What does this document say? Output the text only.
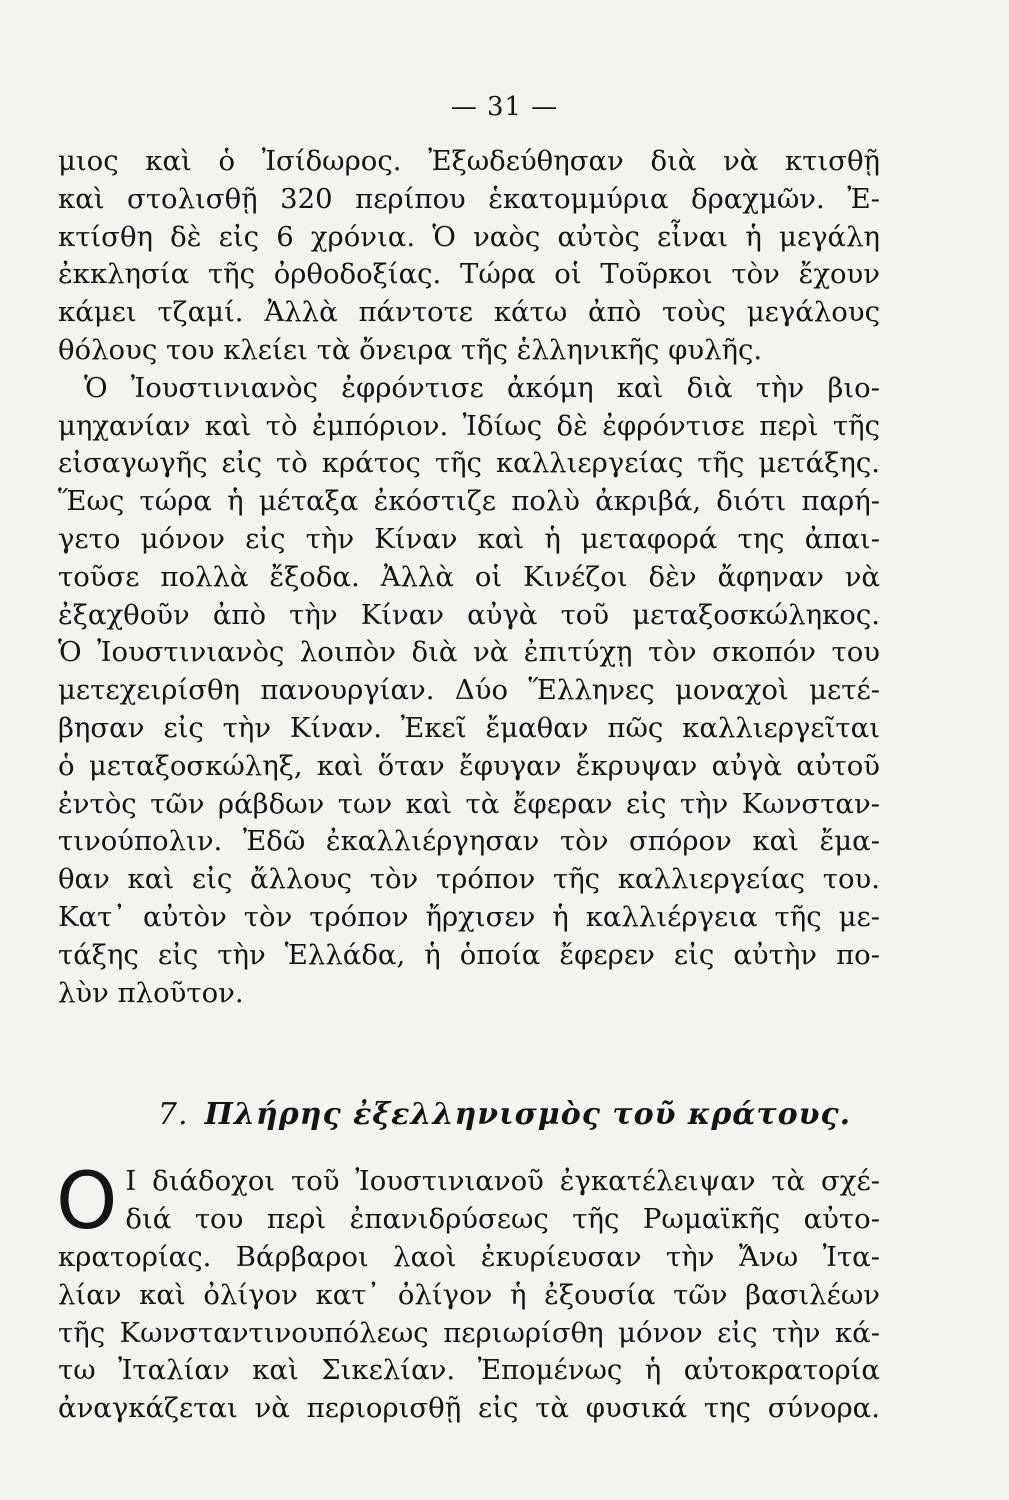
— 31 —
μιος καὶ ὁ Ἰσίδωρος. Ἐξωδεύθησαν διὰ νὰ κτισθῇ
καὶ στολισθῇ 320 περίπου ἑκατομμύρια δραχμῶν. Ἐ-
κτίσθη δὲ εἰς 6 χρόνια. Ὁ ναὸς αὐτὸς εἶναι ἡ μεγάλη
ἐκκλησία τῆς ὀρθοδοξίας. Τώρα οἱ Τοῦρκοι τὸν ἔχουν
κάμει τζαμί. Ἀλλὰ πάντοτε κάτω ἀπὸ τοὺς μεγάλους
θόλους του κλείει τὰ ὄνειρα τῆς ἑλληνικῆς φυλῆς.
Ὁ Ἰουστινιανὸς ἐφρόντισε ἀκόμη καὶ διὰ τὴν βιο-
μηχανίαν καὶ τὸ ἐμπόριον. Ἰδίως δὲ ἐφρόντισε περὶ τῆς
εἰσαγωγῆς εἰς τὸ κράτος τῆς καλλιεργείας τῆς μετάξης.
Ἕως τώρα ἡ μέταξα ἐκόστιζε πολὺ ἀκριβά, διότι παρή-
γετο μόνον εἰς τὴν Κίναν καὶ ἡ μεταφορά της ἀπαι-
τοῦσε πολλὰ ἔξοδα. Ἀλλὰ οἱ Κινέζοι δὲν ἄφηναν νὰ
ἐξαχθοῦν ἀπὸ τὴν Κίναν αὐγὰ τοῦ μεταξοσκώληκος.
Ὁ Ἰουστινιανὸς λοιπὸν διὰ νὰ ἐπιτύχῃ τὸν σκοπόν του
μετεχειρίσθη πανουργίαν. Δύο Ἕλληνες μοναχοὶ μετέ-
βησαν εἰς τὴν Κίναν. Ἐκεῖ ἔμαθαν πῶς καλλιεργεῖται
ὁ μεταξοσκώληξ, καὶ ὅταν ἔφυγαν ἔκρυψαν αὐγὰ αὐτοῦ
ἐντὸς τῶν ράβδων των καὶ τὰ ἔφεραν εἰς τὴν Κωνσταν-
τινούπολιν. Ἐδῶ ἐκαλλιέργησαν τὸν σπόρον καὶ ἔμα-
θαν καὶ εἰς ἄλλους τὸν τρόπον τῆς καλλιεργείας του.
Κατ᾿ αὐτὸν τὸν τρόπον ἤρχισεν ἡ καλλιέργεια τῆς με-
τάξης εἰς τὴν Ἑλλάδα, ἡ ὁποία ἔφερεν εἰς αὐτὴν πο-
λὺν πλοῦτον.
7. Πλήρης ἐξελληνισμὸς τοῦ κράτους.
Ο Ι διάδοχοι τοῦ Ἰουστινιανοῦ ἐγκατέλειψαν τὰ σχέ-
διά του περὶ ἐπανιδρύσεως τῆς Ρωμαϊκῆς αὐτο-
κρατορίας. Βάρβαροι λαοὶ ἐκυρίευσαν τὴν Ἄνω Ἰτα-
λίαν καὶ ὀλίγον κατ᾿ ὀλίγον ἡ ἐξουσία τῶν βασιλέων
τῆς Κωνσταντινουπόλεως περιωρίσθη μόνον εἰς τὴν κά-
τω Ἰταλίαν καὶ Σικελίαν. Ἐπομένως ἡ αὐτοκρατορία
ἀναγκάζεται νὰ περιορισθῇ εἰς τὰ φυσικά της σύνορα.
